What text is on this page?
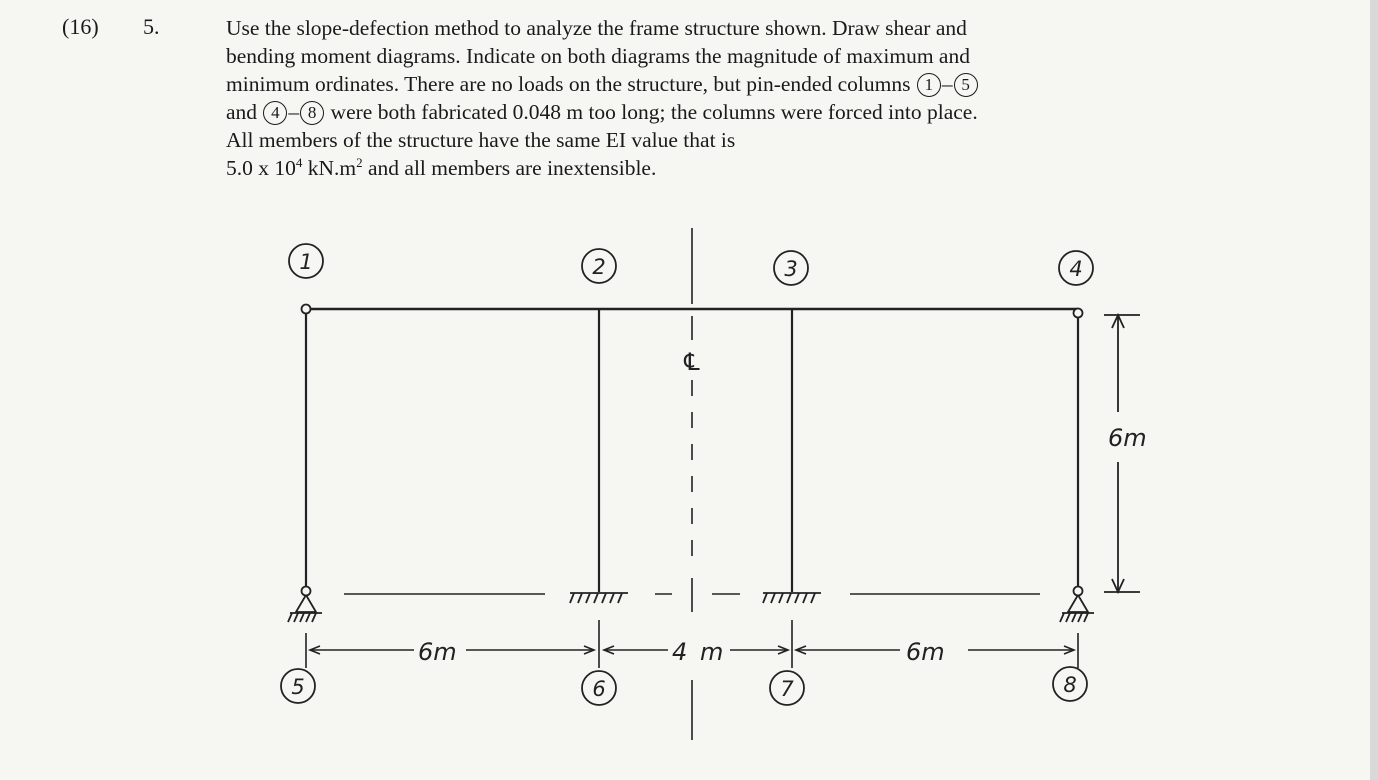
(16) 5.	Use the slope-defection method to analyze the frame structure shown. Draw shear and
bending moment diagrams. Indicate on both diagrams the magnitude of maximum and
minimum ordinates. There are no loads on the structure, but pin-ended columns 1 – 5
and 4 – 8 were both fabricated 0.048 m too long; the columns were forced into place.
All members of the structure have the same EI value that is
5.0 x $10^4$ $kN.m^2$ and all members are inextensible.
℄
6m
6m	4 m	6m
1	2	3	4
5	6	7	8
